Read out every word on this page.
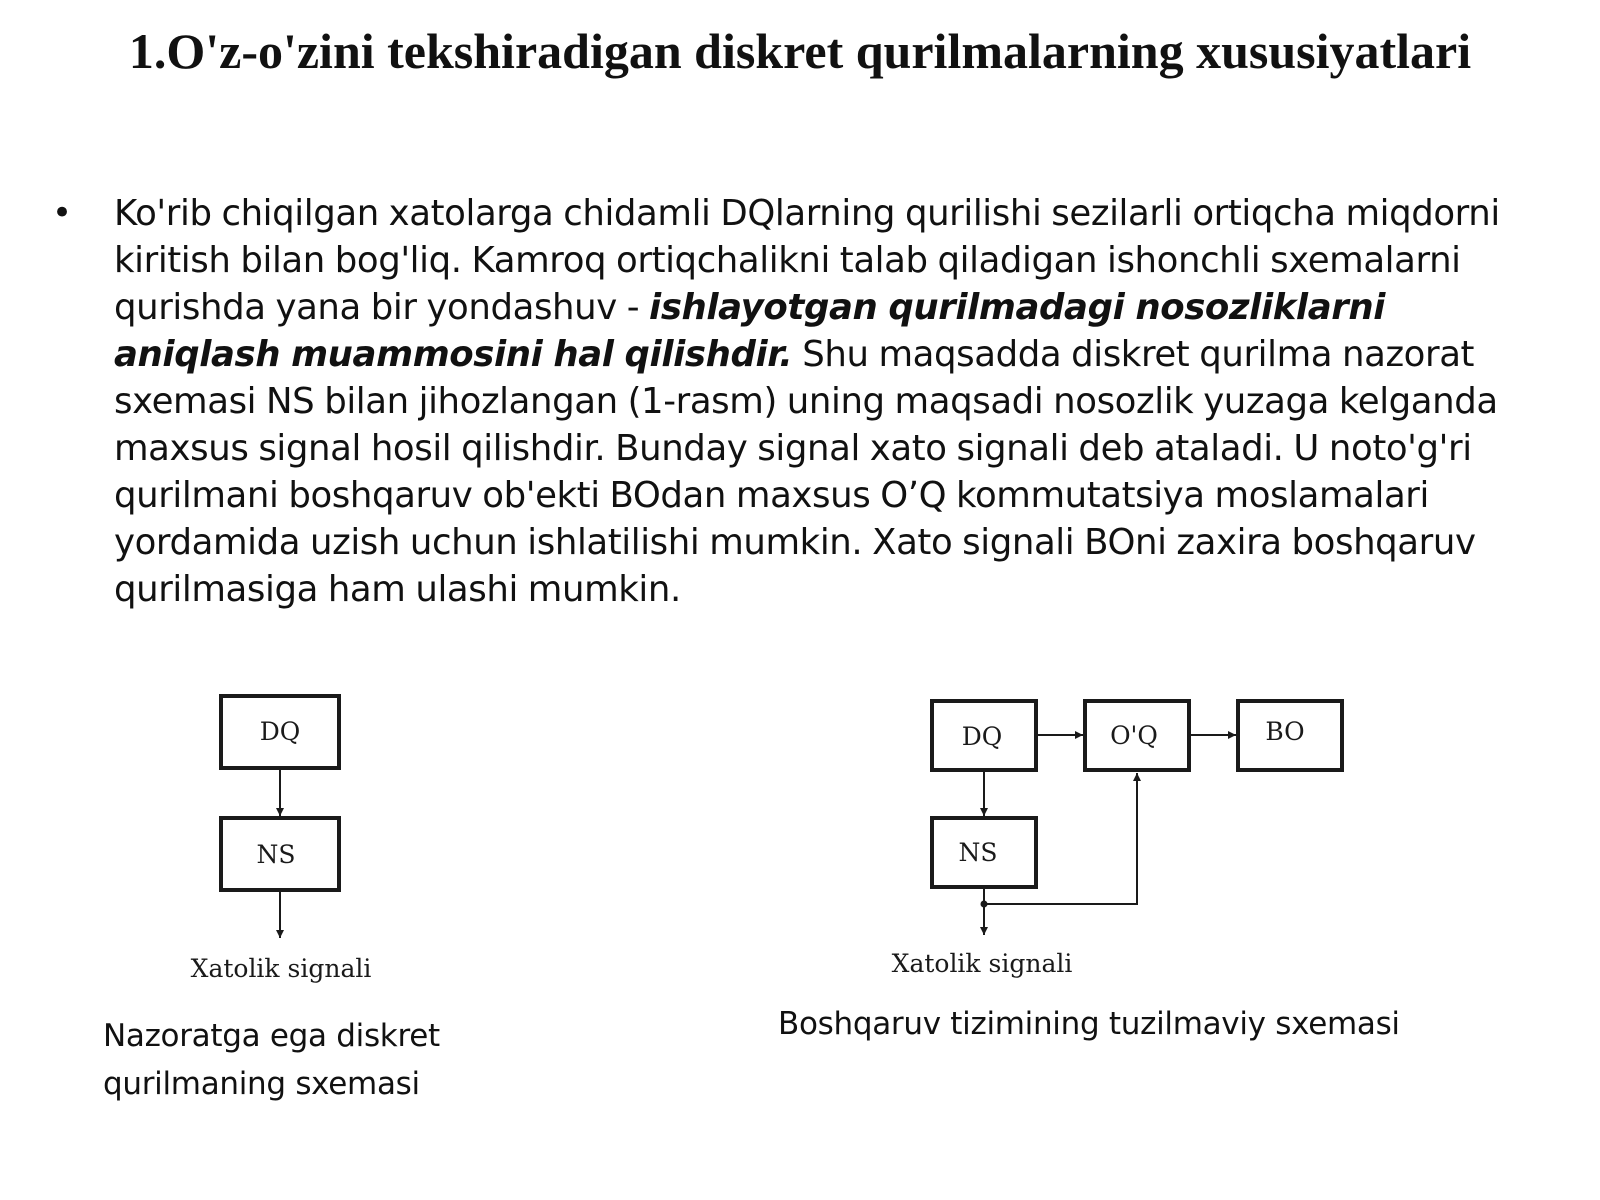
1.O'z-o'zini tekshiradigan diskret qurilmalarning xususiyatlari
• Ko'rib chiqilgan xatolarga chidamli DQlarning qurilishi sezilarli ortiqcha miqdorni kiritish bilan bog'liq. Kamroq ortiqchalikni talab qiladigan ishonchli sxemalarni qurishda yana bir yondashuv - ishlayotgan qurilmadagi nosozliklarni aniqlash muammosini hal qilishdir. Shu maqsadda diskret qurilma nazorat sxemasi NS bilan jihozlangan (1-rasm) uning maqsadi nosozlik yuzaga kelganda maxsus signal hosil qilishdir. Bunday signal xato signali deb ataladi. U noto'g'ri qurilmani boshqaruv ob'ekti BOdan maxsus O’Q kommutatsiya moslamalari yordamida uzish uchun ishlatilishi mumkin. Xato signali BOni zaxira boshqaruv qurilmasiga ham ulashi mumkin.
DQ
NS
Xatolik signali
DQ	O'Q	BO
NS
Xatolik signali
Nazoratga ega diskret qurilmaning sxemasi
Boshqaruv tizimining tuzilmaviy sxemasi
